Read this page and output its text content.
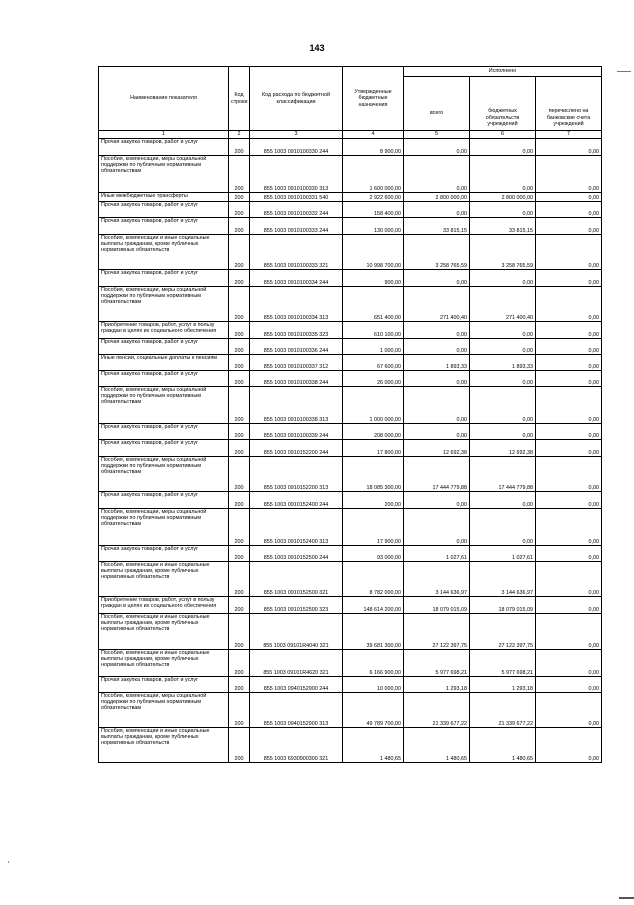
143
Наименование показателя	Код строки	Код расхода по бюджетной классификации	Утвержденные бюджетные назначения	Исполнено		
				всего	бюджетных обязательств учреждений	перечислено на банковские счета учреждений
1	2	3	4	5	6	7
Прочая закупка товаров, работ и услуг	200	855 1003 0910100330 244	8 900,00	0,00	0,00	0,00
Пособия, компенсации, меры социальной поддержки по публичным нормативным обязательствам	200	855 1003 0910100330 313	1 600 000,00	0,00	0,00	0,00
Иные межбюджетные трансферты	200	855 1003 0910100331 540	2 922 600,00	2 800 000,00	2 800 000,00	0,00
Прочая закупка товаров, работ и услуг	200	855 1003 0910100332 244	158 400,00	0,00	0,00	0,00
Прочая закупка товаров, работ и услуг	200	855 1003 0910100333 244	130 000,00	33 815,15	33 815,15	0,00
Пособия, компенсации и иные социальные выплаты гражданам, кроме публичных нормативных обязательств	200	855 1003 0910100333 321	10 998 700,00	3 258 765,59	3 258 765,59	0,00
Прочая закупка товаров, работ и услуг	200	855 1003 0910100334 244	900,00	0,00	0,00	0,00
Пособия, компенсации, меры социальной поддержки по публичным нормативным обязательствам	200	855 1003 0910100334 313	651 400,00	271 400,40	271 400,40	0,00
Приобретение товаров, работ, услуг в пользу граждан в целях их социального обеспечения	200	855 1003 0910100335 323	610 100,00	0,00	0,00	0,00
Прочая закупка товаров, работ и услуг	200	855 1003 0910100336 244	1 000,00	0,00	0,00	0,00
Иные пенсии, социальные доплаты к пенсиям	200	855 1003 0910100337 312	67 600,00	1 893,33	1 893,33	0,00
Прочая закупка товаров, работ и услуг	200	855 1003 0910100338 244	26 000,00	0,00	0,00	0,00
Пособия, компенсации, меры социальной поддержки по публичным нормативным обязательствам	200	855 1003 0910100338 313	1 000 000,00	0,00	0,00	0,00
Прочая закупка товаров, работ и услуг	200	855 1003 0910100339 244	208 000,00	0,00	0,00	0,00
Прочая закупка товаров, работ и услуг	200	855 1003 0910152200 244	17 800,00	12 692,38	12 692,38	0,00
Пособия, компенсации, меры социальной поддержки по публичным нормативным обязательствам	200	855 1003 0910152200 313	18 085 300,00	17 444 779,88	17 444 779,88	0,00
Прочая закупка товаров, работ и услуг	200	855 1003 0910152400 244	200,00	0,00	0,00	0,00
Пособия, компенсации, меры социальной поддержки по публичным нормативным обязательствам	200	855 1003 0910152400 313	17 900,00	0,00	0,00	0,00
Прочая закупка товаров, работ и услуг	200	855 1003 0910152500 244	93 000,00	1 027,61	1 027,61	0,00
Пособия, компенсации и иные социальные выплаты гражданам, кроме публичных нормативных обязательств	200	855 1003 0910152500 321	8 782 000,00	3 144 636,97	3 144 636,97	0,00
Приобретение товаров, работ, услуг в пользу граждан в целях их социального обеспечения	200	855 1003 0910152500 323	148 614 200,00	18 079 015,09	18 079 015,09	0,00
Пособия, компенсации и иные социальные выплаты гражданам, кроме публичных нормативных обязательств	200	855 1003 09101R4040 321	39 681 300,00	27 122 397,75	27 122 397,75	0,00
Пособия, компенсации и иные социальные выплаты гражданам, кроме публичных нормативных обязательств	200	855 1003 09101R4620 321	6 166 900,00	5 977 698,21	5 977 698,21	0,00
Прочая закупка товаров, работ и услуг	200	855 1003 0940152900 244	10 000,00	1 293,18	1 293,18	0,00
Пособия, компенсации, меры социальной поддержки по публичным нормативным обязательствам	200	855 1003 0940152900 313	49 789 700,00	21 339 677,22	21 339 677,22	0,00
Пособия, компенсации и иные социальные выплаты гражданам, кроме публичных нормативных обязательств	200	855 1003 6930900300 321	1 480,65	1 480,65	1 480,65	0,00
